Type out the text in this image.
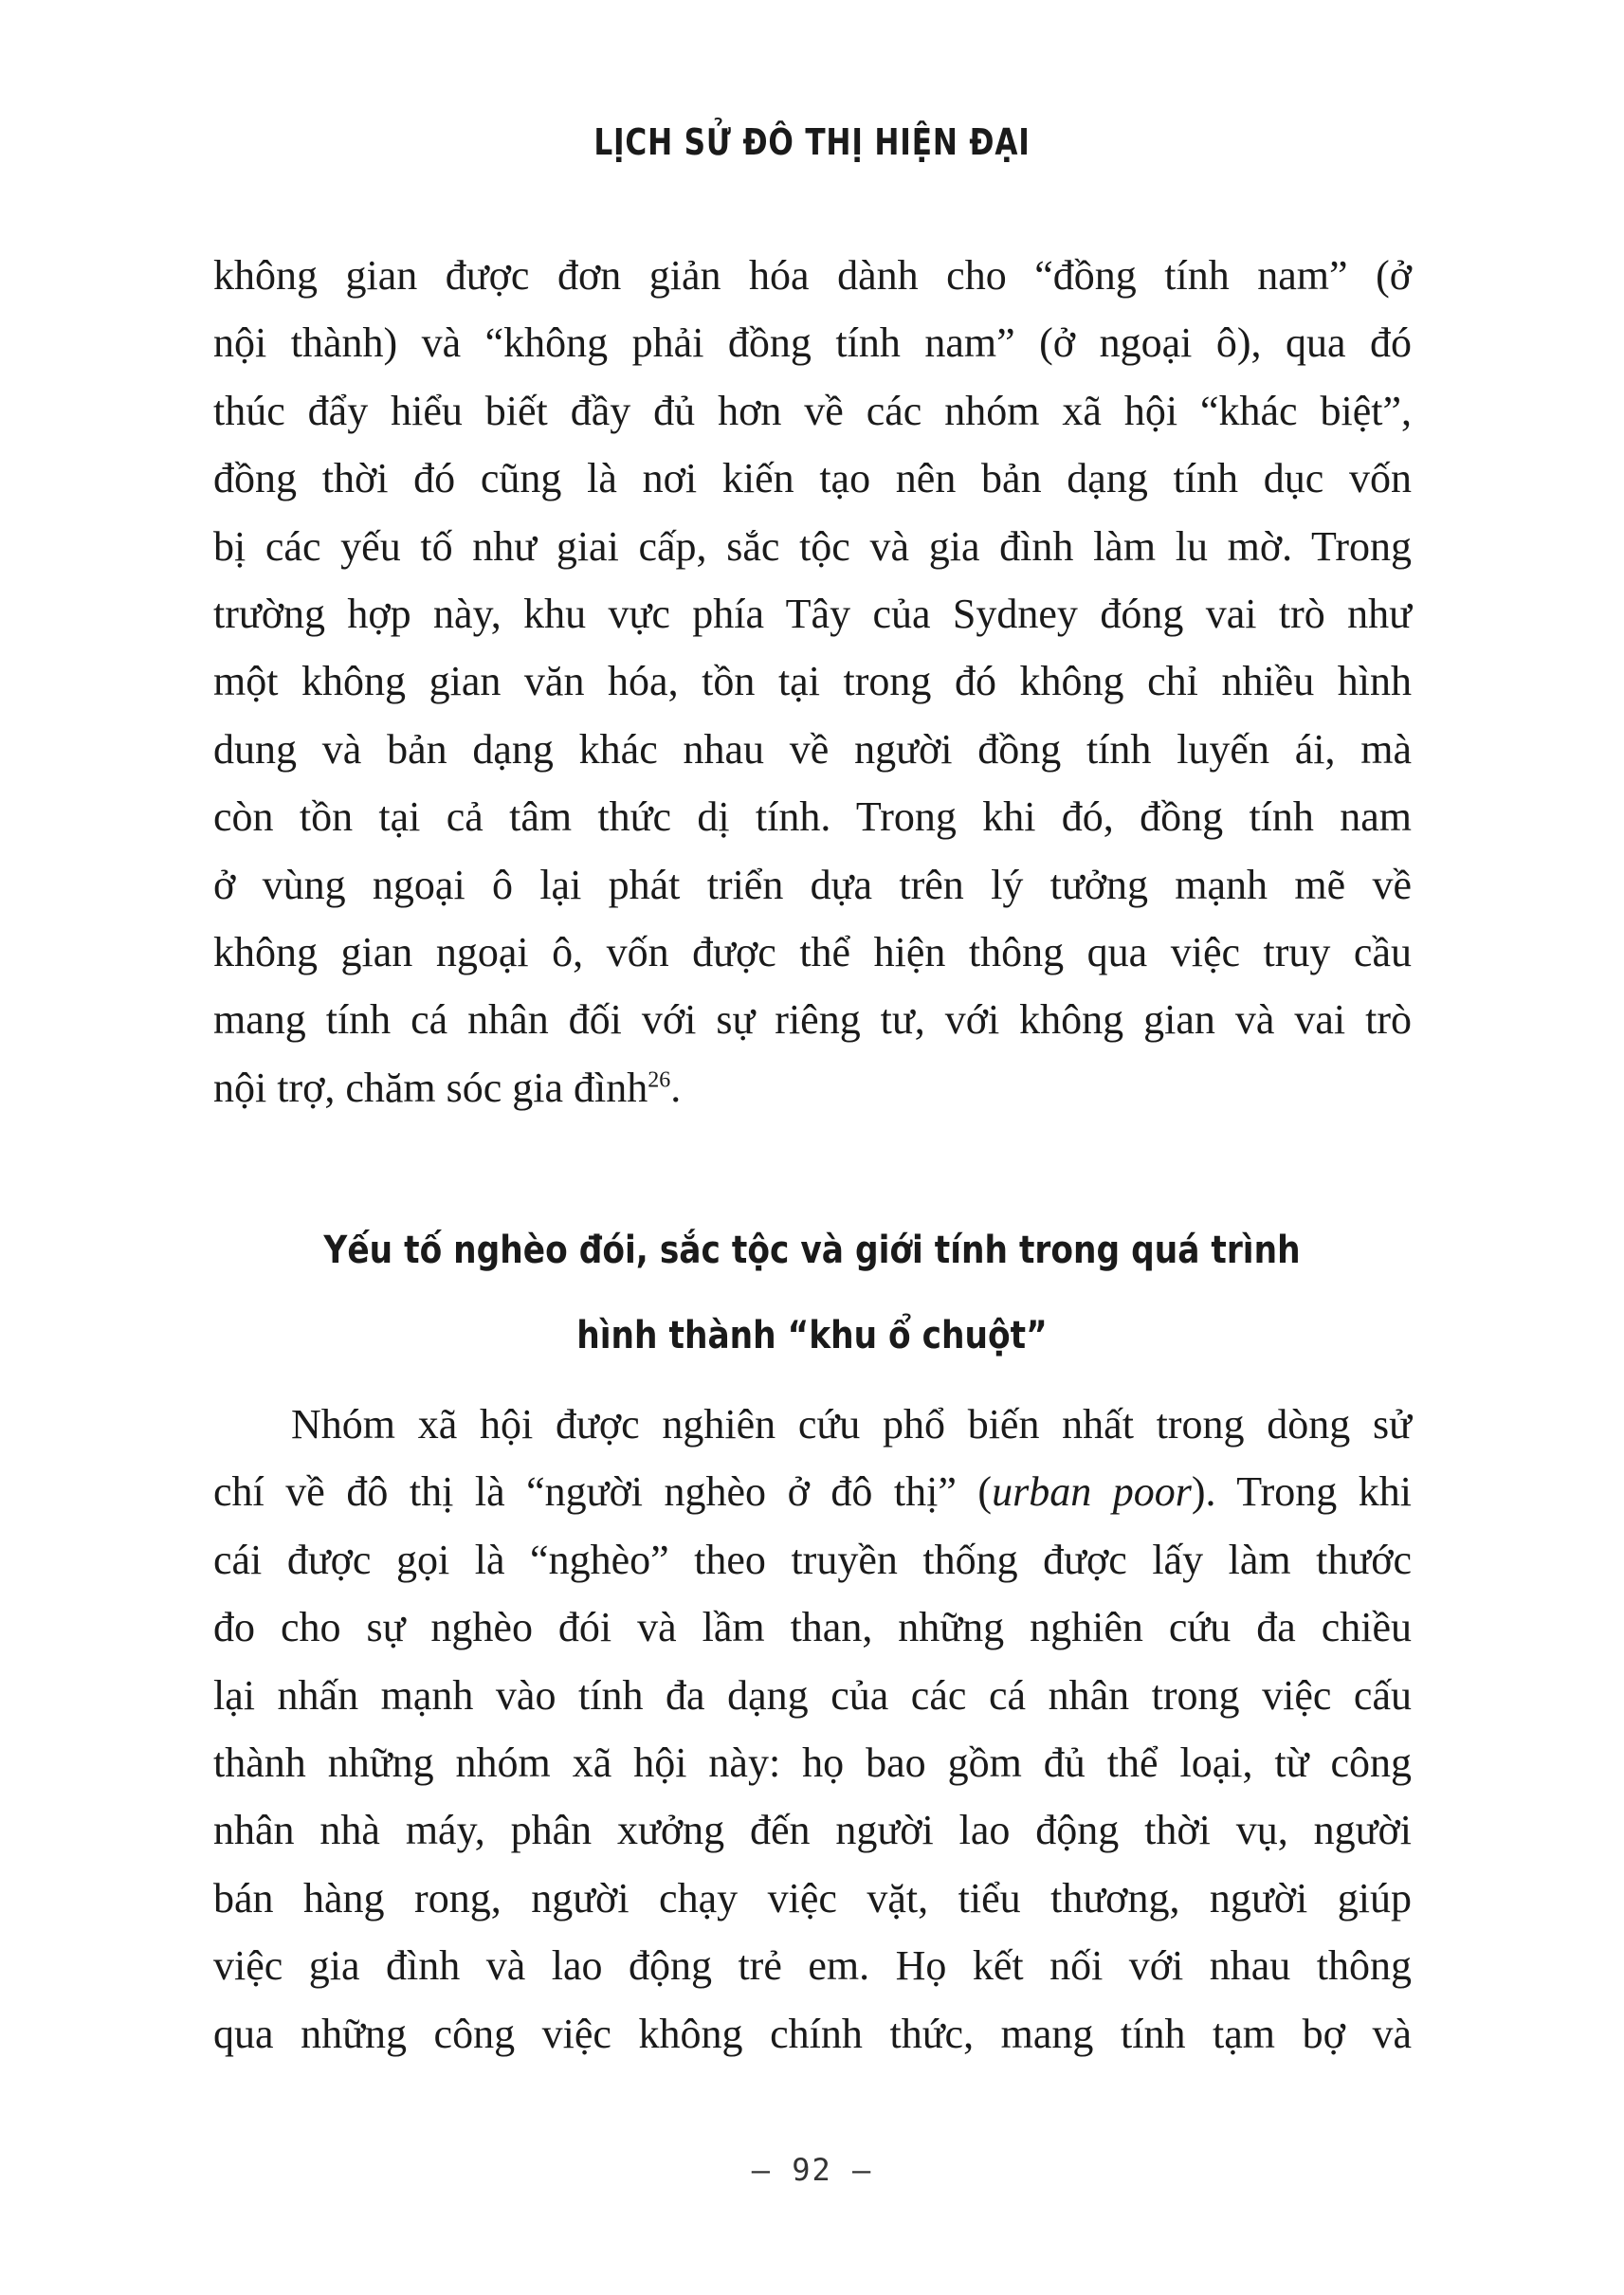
LỊCH SỬ ĐÔ THỊ HIỆN ĐẠI
không gian được đơn giản hóa dành cho “đồng tính nam” (ở
nội thành) và “không phải đồng tính nam” (ở ngoại ô), qua đó
thúc đẩy hiểu biết đầy đủ hơn về các nhóm xã hội “khác biệt”,
đồng thời đó cũng là nơi kiến tạo nên bản dạng tính dục vốn
bị các yếu tố như giai cấp, sắc tộc và gia đình làm lu mờ. Trong
trường hợp này, khu vực phía Tây của Sydney đóng vai trò như
một không gian văn hóa, tồn tại trong đó không chỉ nhiều hình
dung và bản dạng khác nhau về người đồng tính luyến ái, mà
còn tồn tại cả tâm thức dị tính. Trong khi đó, đồng tính nam
ở vùng ngoại ô lại phát triển dựa trên lý tưởng mạnh mẽ về
không gian ngoại ô, vốn được thể hiện thông qua việc truy cầu
mang tính cá nhân đối với sự riêng tư, với không gian và vai trò
nội trợ, chăm sóc gia đình$^{26}$.
Yếu tố nghèo đói, sắc tộc và giới tính trong quá trình
hình thành “khu ổ chuột”
Nhóm xã hội được nghiên cứu phổ biến nhất trong dòng sử
chí về đô thị là “người nghèo ở đô thị” (urban poor). Trong khi
cái được gọi là “nghèo” theo truyền thống được lấy làm thước
đo cho sự nghèo đói và lầm than, những nghiên cứu đa chiều
lại nhấn mạnh vào tính đa dạng của các cá nhân trong việc cấu
thành những nhóm xã hội này: họ bao gồm đủ thể loại, từ công
nhân nhà máy, phân xưởng đến người lao động thời vụ, người
bán hàng rong, người chạy việc vặt, tiểu thương, người giúp
việc gia đình và lao động trẻ em. Họ kết nối với nhau thông
qua những công việc không chính thức, mang tính tạm bợ và
– 92 –
